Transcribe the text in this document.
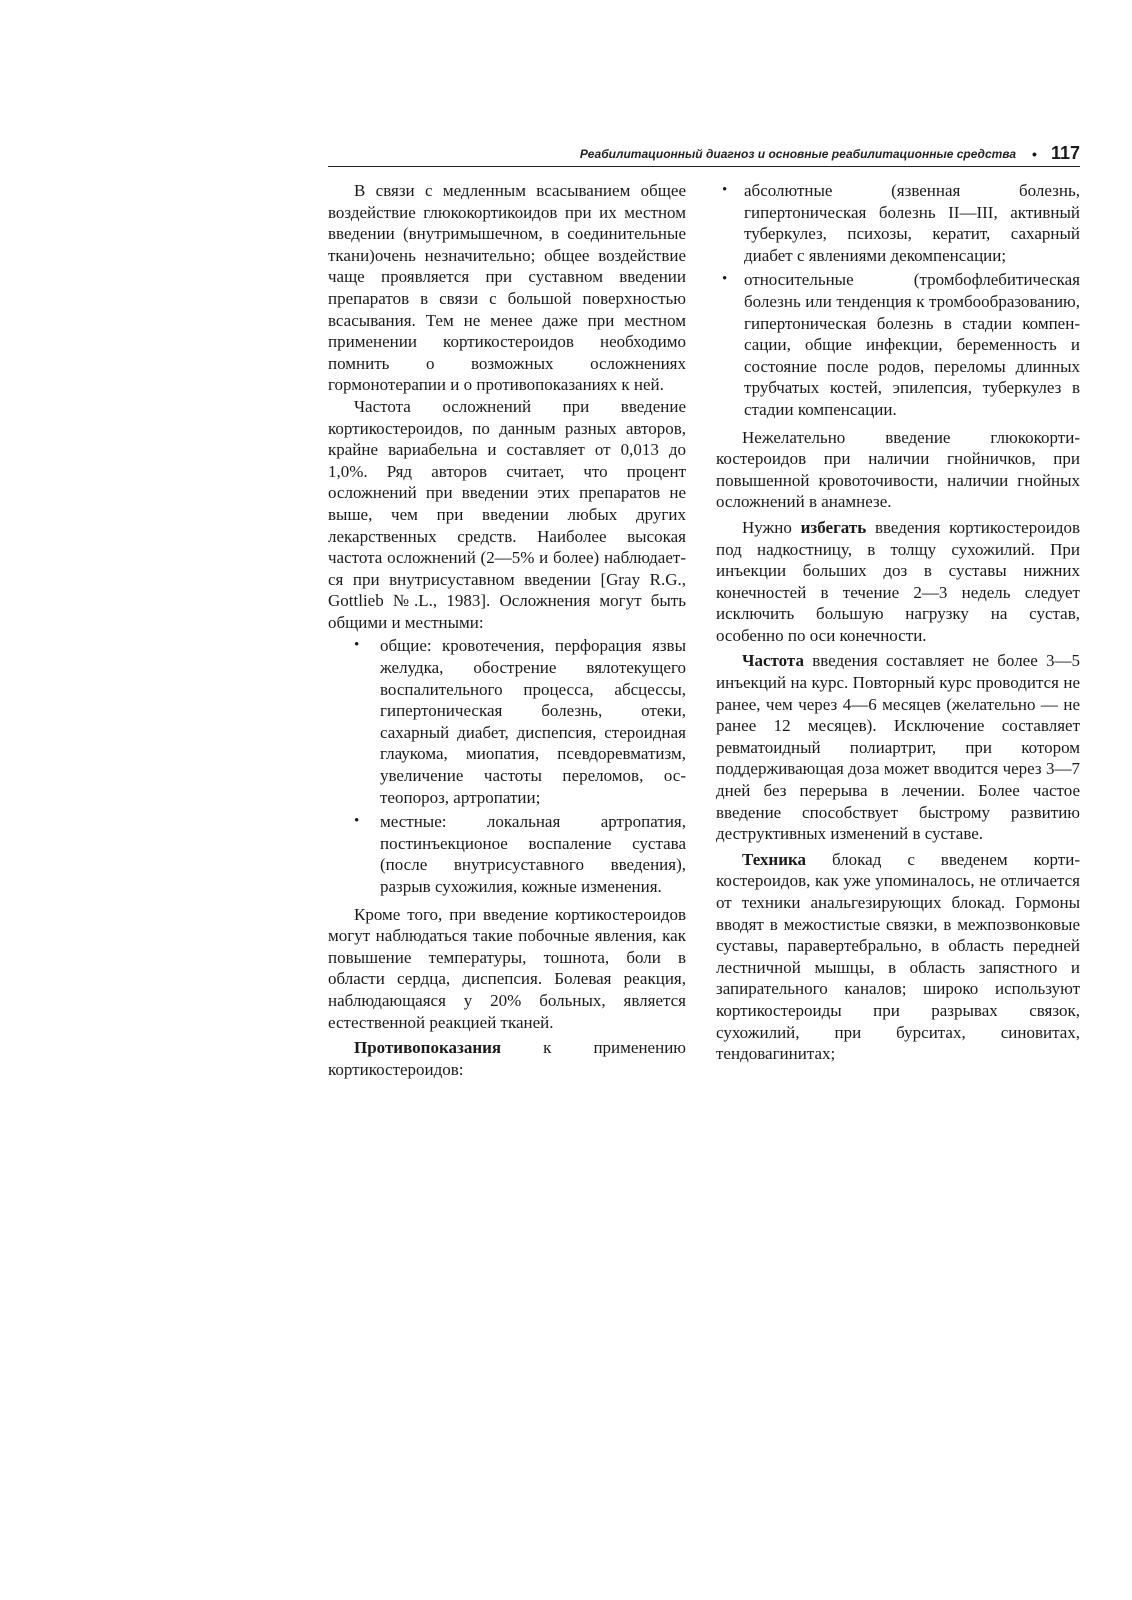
Реабилитационный диагноз и основные реабилитационные средства • 117

В связи с медленным всасыванием общее воздействие глюкокортикоидов при их местном введении (внутримышечном, в соединительные ткани)очень незначительно; общее воздействие чаще проявляется при суставном введении препаратов в связи с большой поверхностью всасывания. Тем не менее даже при местном применении кортикостероидов необходимо помнить о возможных осложнениях гормонотерапии и о противопоказаниях к ней.

Частота осложнений при введение кортикостероидов, по данным разных авторов, крайне вариабельна и составляет от 0,013 до 1,0%. Ряд авторов считает, что процент осложнений при введении этих препаратов не выше, чем при введении любых других лекарственных средств. Наиболее высокая частота осложнений (2—5% и более) наблюдается при внутрисуставном введении [Gray R.G., Gottlieb №.L., 1983]. Осложнения могут быть общими и местными:

• общие: кровотечения, перфорация язвы желудка, обострение вялотекущего воспалительного процесса, абсцессы, гипертоническая болезнь, отеки, сахарный диабет, диспепсия, стероидная глаукома, миопатия, псевдоревматизм, увеличение частоты переломов, остеопороз, артропатии;
• местные: локальная артропатия, постинъекционое воспаление сустава (после внутрисуставного введения), разрыв сухожилия, кожные изменения.

Кроме того, при введение кортикостероидов могут наблюдаться такие побочные явления, как повышение температуры, тошнота, боли в области сердца, диспепсия. Болевая реакция, наблюдающаяся у 20% больных, является естественной реакцией тканей.

Противопоказания к применению кортикостероидов:

• абсолютные (язвенная болезнь, гипертоническая болезнь II—III, активный туберкулез, психозы, кератит, сахарный диабет с явлениями декомпенсации;
• относительные (тромбофлебитическая болезнь или тенденция к тромбообразованию, гипертоническая болезнь в стадии компенсации, общие инфекции, беременность и состояние после родов, переломы длинных трубчатых костей, эпилепсия, туберкулез в стадии компенсации.

Нежелательно введение глюкокортикостероидов при наличии гнойничков, при повышенной кровоточивости, наличии гнойных осложнений в анамнезе.

Нужно избегать введения кортикостероидов под надкостницу, в толщу сухожилий. При инъекции больших доз в суставы нижних конечностей в течение 2—3 недель следует исключить большую нагрузку на сустав, особенно по оси конечности.

Частота введения составляет не более 3—5 инъекций на курс. Повторный курс проводится не ранее, чем через 4—6 месяцев (желательно — не ранее 12 месяцев). Исключение составляет ревматоидный полиартрит, при котором поддерживающая доза может вводится через 3—7 дней без перерыва в лечении. Более частое введение способствует быстрому развитию деструктивных изменений в суставе.

Техника блокад с введенем кортикостероидов, как уже упоминалось, не отличается от техники анальгезирующих блокад. Гормоны вводят в межостистые связки, в межпозвонковые суставы, паравертебрально, в область передней лестничной мышцы, в область запястного и запирательного каналов; широко используют кортикостероиды при разрывах связок, сухожилий, при бурситах, синовитах, тендовагинитах;
